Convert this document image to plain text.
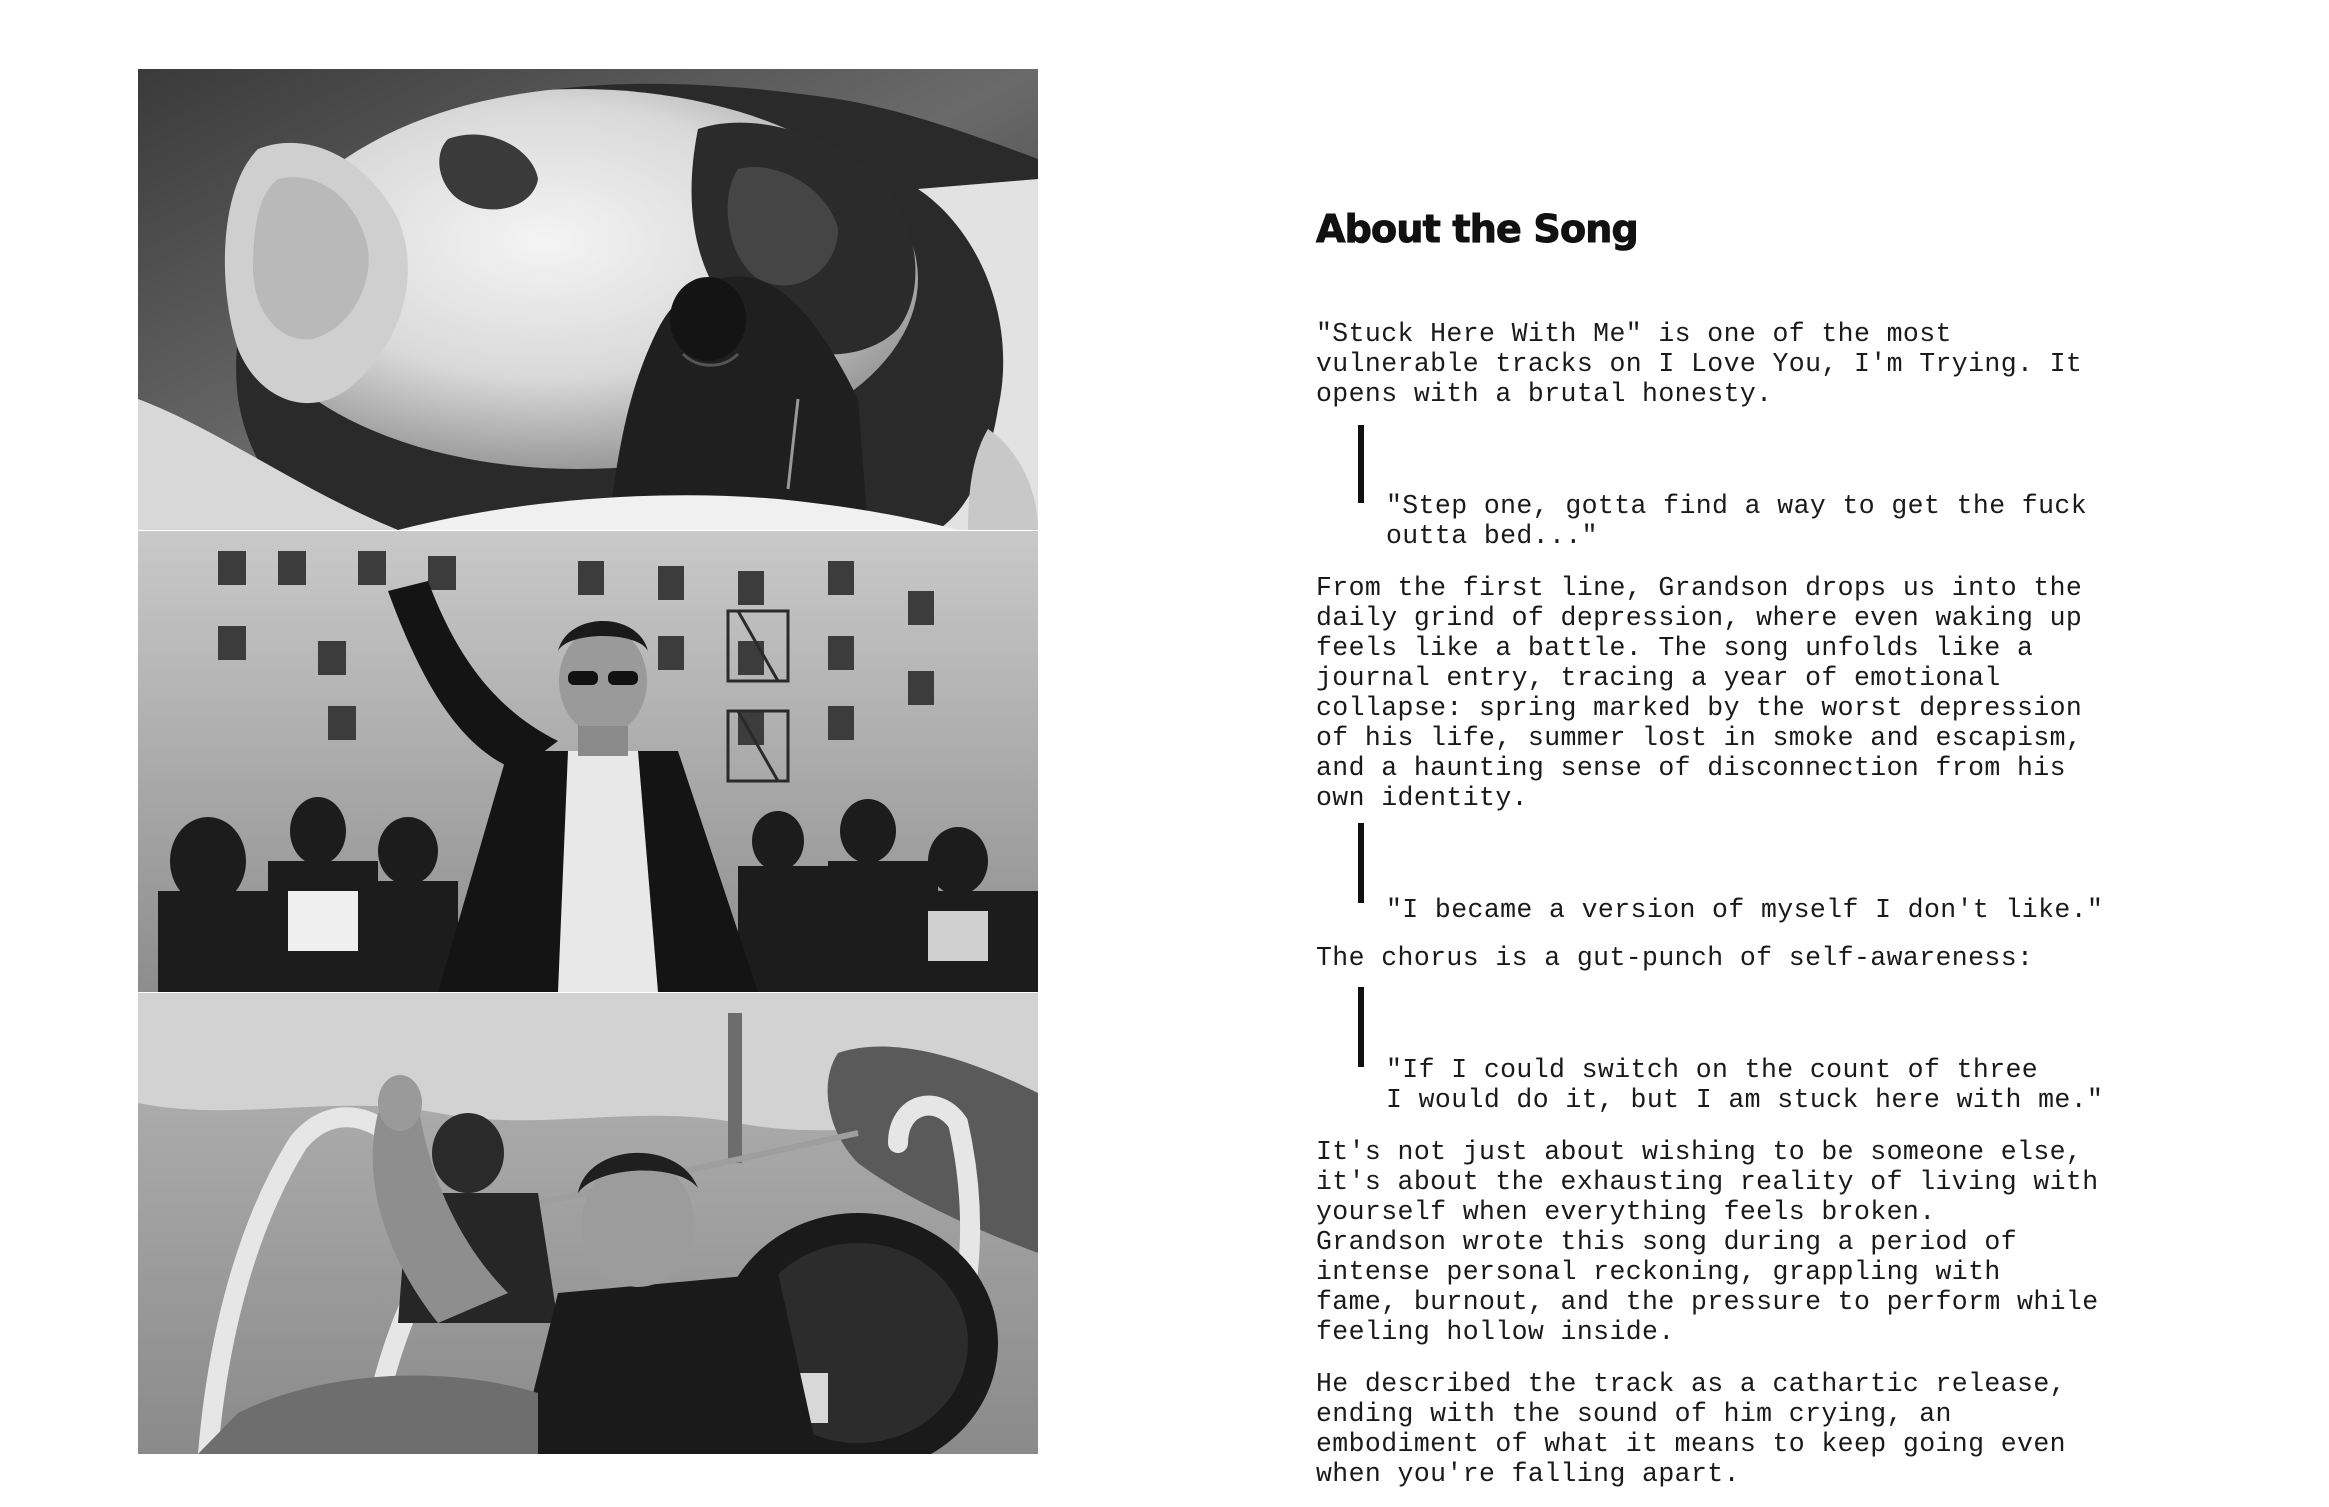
About the Song

"Stuck Here With Me" is one of the most
vulnerable tracks on I Love You, I'm Trying. It
opens with a brutal honesty.

"Step one, gotta find a way to get the fuck
outta bed..."

From the first line, Grandson drops us into the
daily grind of depression, where even waking up
feels like a battle. The song unfolds like a
journal entry, tracing a year of emotional
collapse: spring marked by the worst depression
of his life, summer lost in smoke and escapism,
and a haunting sense of disconnection from his
own identity.

"I became a version of myself I don't like."

The chorus is a gut-punch of self-awareness:

"If I could switch on the count of three
I would do it, but I am stuck here with me."

It's not just about wishing to be someone else,
it's about the exhausting reality of living with
yourself when everything feels broken.
Grandson wrote this song during a period of
intense personal reckoning, grappling with
fame, burnout, and the pressure to perform while
feeling hollow inside.

He described the track as a cathartic release,
ending with the sound of him crying, an
embodiment of what it means to keep going even
when you're falling apart.
